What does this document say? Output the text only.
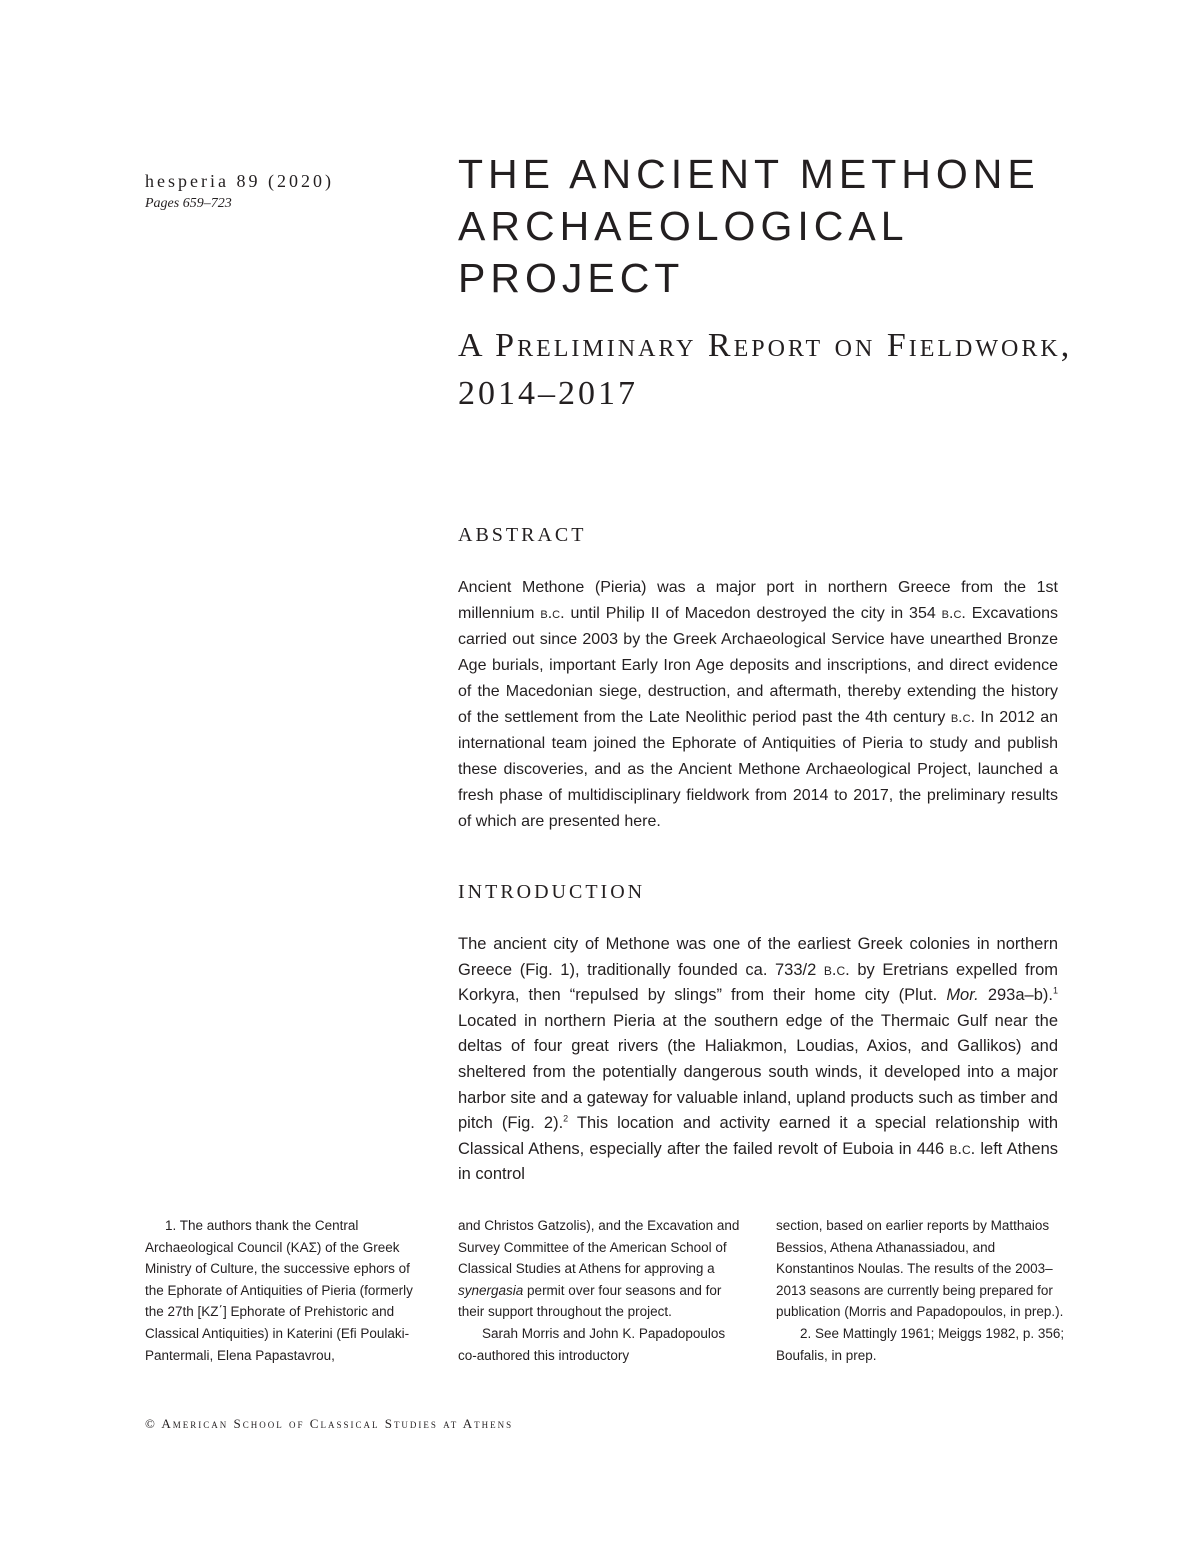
hesperia 89 (2020)
Pages 659–723
THE ANCIENT METHONE ARCHAEOLOGICAL PROJECT
A Preliminary Report on Fieldwork, 2014–2017
ABSTRACT

Ancient Methone (Pieria) was a major port in northern Greece from the 1st millennium b.c. until Philip II of Macedon destroyed the city in 354 b.c. Excavations carried out since 2003 by the Greek Archaeological Service have unearthed Bronze Age burials, important Early Iron Age deposits and inscriptions, and direct evidence of the Macedonian siege, destruction, and aftermath, thereby extending the history of the settlement from the Late Neolithic period past the 4th century b.c. In 2012 an international team joined the Ephorate of Antiquities of Pieria to study and publish these discoveries, and as the Ancient Methone Archaeological Project, launched a fresh phase of multidisciplinary fieldwork from 2014 to 2017, the preliminary results of which are presented here.

INTRODUCTION

The ancient city of Methone was one of the earliest Greek colonies in northern Greece (Fig. 1), traditionally founded ca. 733/2 b.c. by Eretrians expelled from Korkyra, then “repulsed by slings” from their home city (Plut. Mor. 293a–b).$^1$ Located in northern Pieria at the southern edge of the Thermaic Gulf near the deltas of four great rivers (the Haliakmon, Loudias, Axios, and Gallikos) and sheltered from the potentially dangerous south winds, it developed into a major harbor site and a gateway for valuable inland, upland products such as timber and pitch (Fig. 2).$^2$ This location and activity earned it a special relationship with Classical Athens, especially after the failed revolt of Euboia in 446 b.c. left Athens in control

1. The authors thank the Central Archaeological Council (ΚΑΣ) of the Greek Ministry of Culture, the successive ephors of the Ephorate of Antiquities of Pieria (formerly the 27th [ΚΖ΄] Ephorate of Prehistoric and Classical Antiquities) in Katerini (Efi Poulaki-Pantermali, Elena Papastavrou,

and Christos Gatzolis), and the Excavation and Survey Committee of the American School of Classical Studies at Athens for approving a synergasia permit over four seasons and for their support throughout the project.

Sarah Morris and John K. Papadopoulos co-authored this introductory

section, based on earlier reports by Matthaios Bessios, Athena Athanassiadou, and Konstantinos Noulas. The results of the 2003–2013 seasons are currently being prepared for publication (Morris and Papadopoulos, in prep.).

2. See Mattingly 1961; Meiggs 1982, p. 356; Boufalis, in prep.

© American School of Classical Studies at Athens
